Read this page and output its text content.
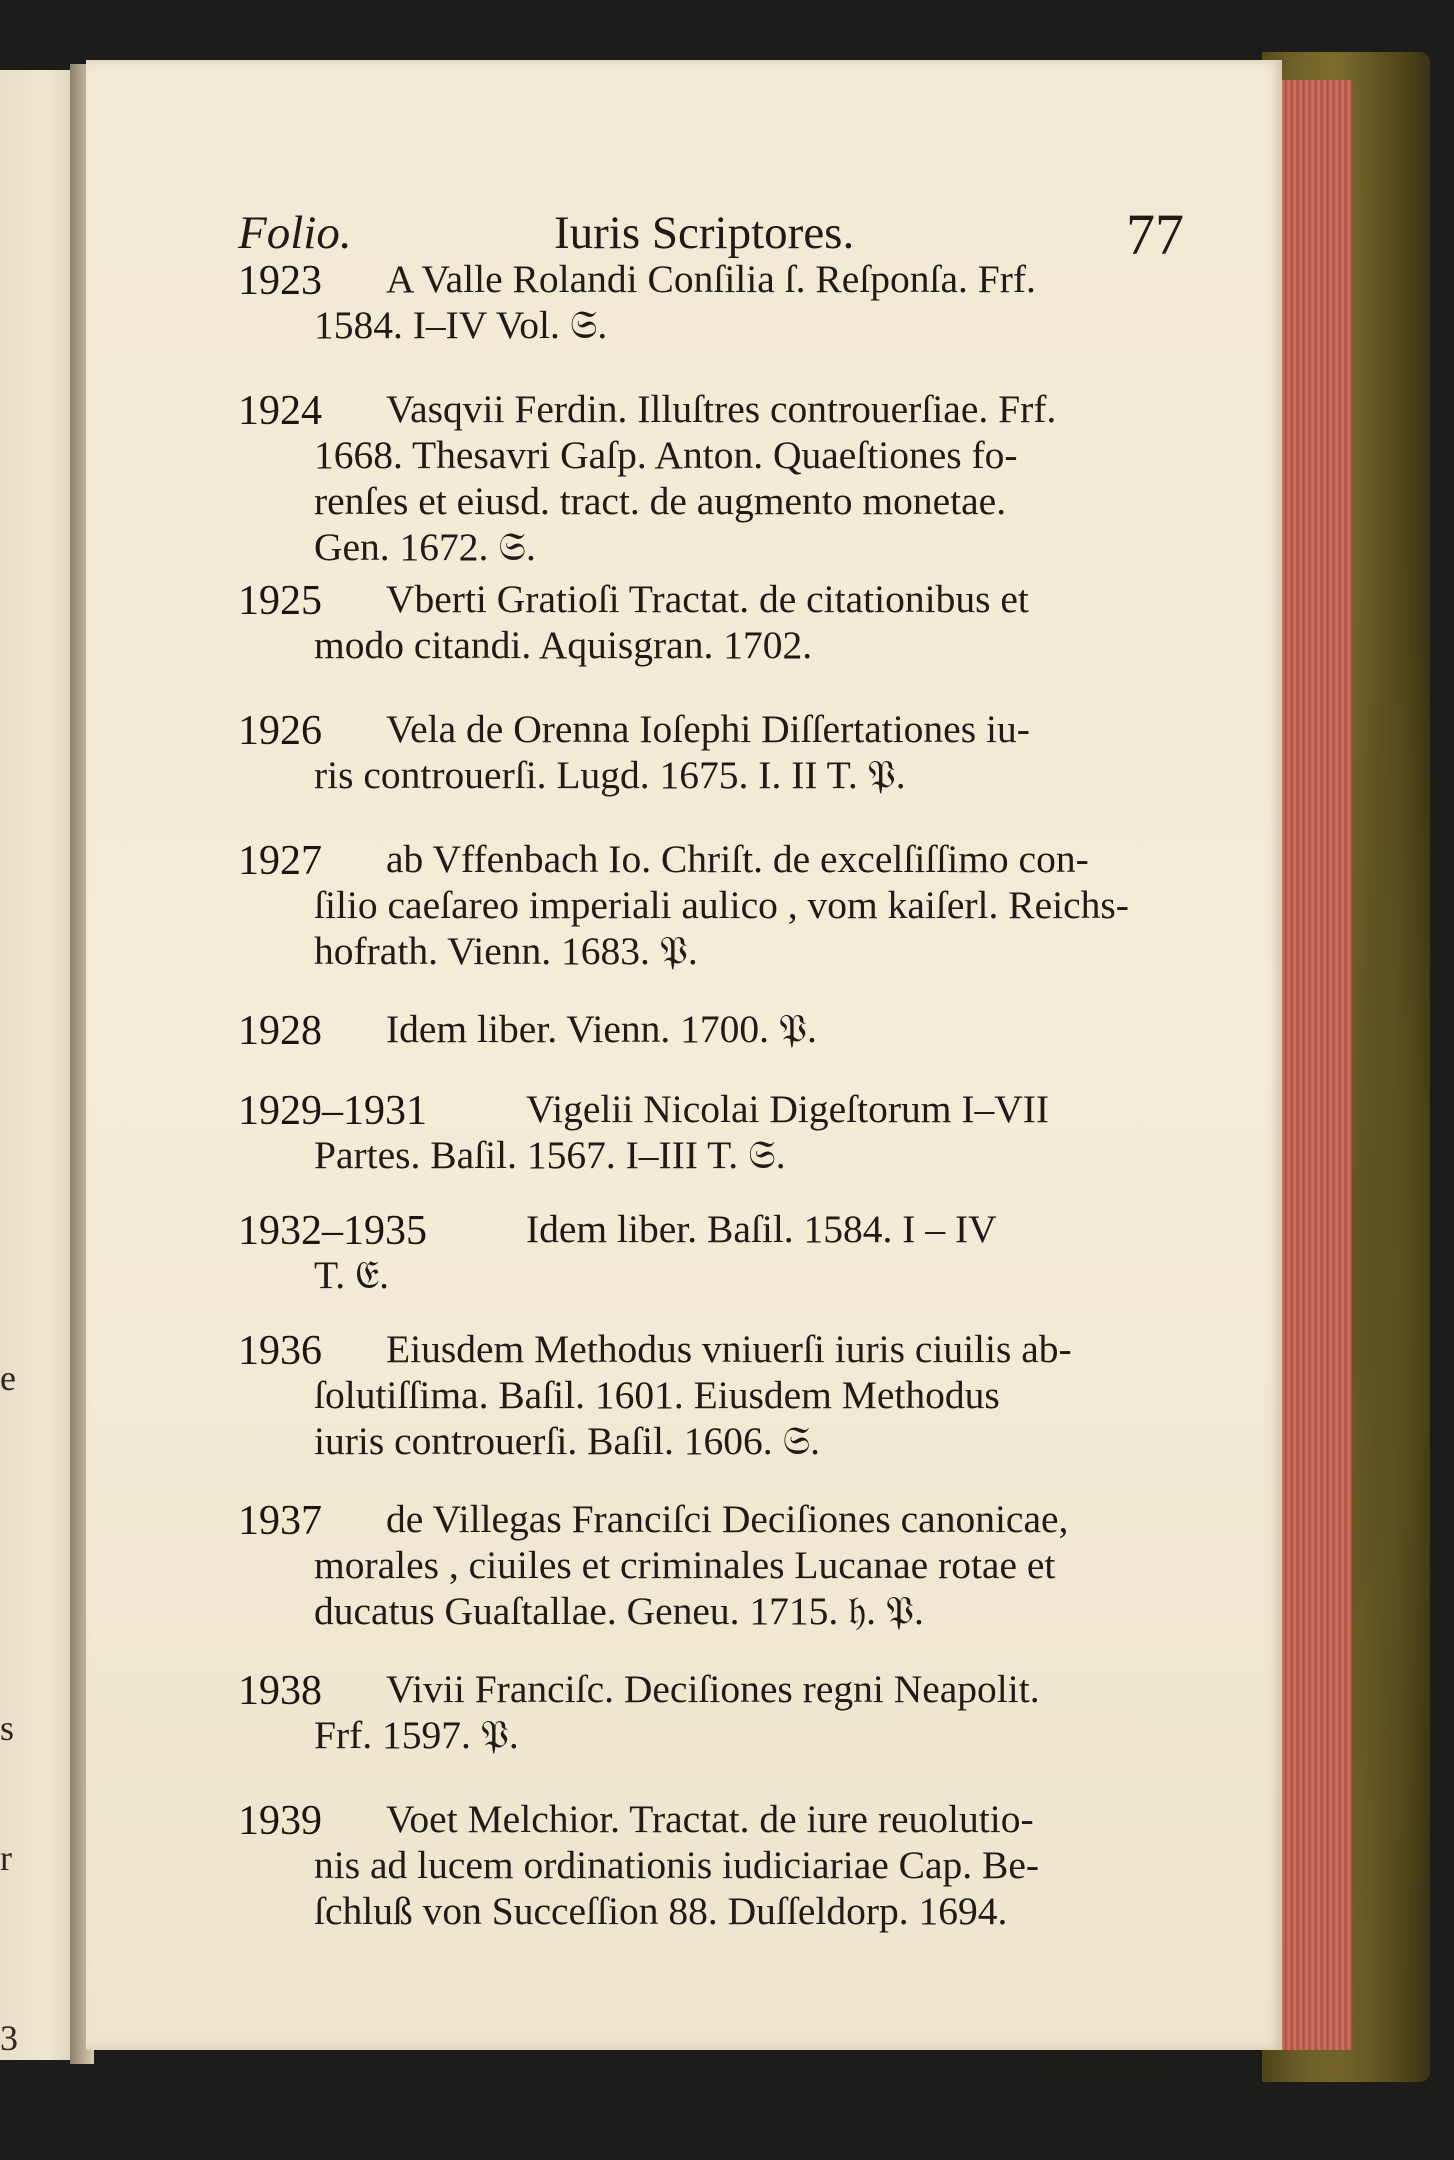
e
s
r
3
Folio.	Iuris Scriptores.	77
1923 A Valle Rolandi Conſilia ſ. Reſponſa. Frf.
1584. I–IV Vol. 𝔖.
1924 Vasqvii Ferdin. Illuſtres controuerſiae. Frf.
1668. Thesavri Gaſp. Anton. Quaeſtiones fo-
renſes et eiusd. tract. de augmento monetae.
Gen. 1672. 𝔖.
1925 Vberti Gratioſi Tractat. de citationibus et
modo citandi. Aquisgran. 1702.
1926 Vela de Orenna Ioſephi Diſſertationes iu-
ris controuerſi. Lugd. 1675. I. II T. 𝔓.
1927 ab Vffenbach Io. Chriſt. de excelſiſſimo con-
ſilio caeſareo imperiali aulico , vom kaiſerl. Reichs-
hofrath. Vienn. 1683. 𝔓.
1928 Idem liber. Vienn. 1700. 𝔓.
1929–1931	Vigelii Nicolai Digeſtorum I–VII
Partes. Baſil. 1567. I–III T. 𝔖.
1932–1935	Idem liber. Baſil. 1584. I – IV
T. 𝔈.
1936 Eiusdem Methodus vniuerſi iuris ciuilis ab-
ſolutiſſima. Baſil. 1601. Eiusdem Methodus
iuris controuerſi. Baſil. 1606. 𝔖.
1937 de Villegas Franciſci Deciſiones canonicae,
morales , ciuiles et criminales Lucanae rotae et
ducatus Guaſtallae. Geneu. 1715. 𝔥. 𝔓.
1938 Vivii Franciſc. Deciſiones regni Neapolit.
Frf. 1597. 𝔓.
1939 Voet Melchior. Tractat. de iure reuolutio-
nis ad lucem ordinationis iudiciariae Cap. Be-
ſchluß von Succeſſion 88. Duſſeldorp. 1694.
Eiusdem
